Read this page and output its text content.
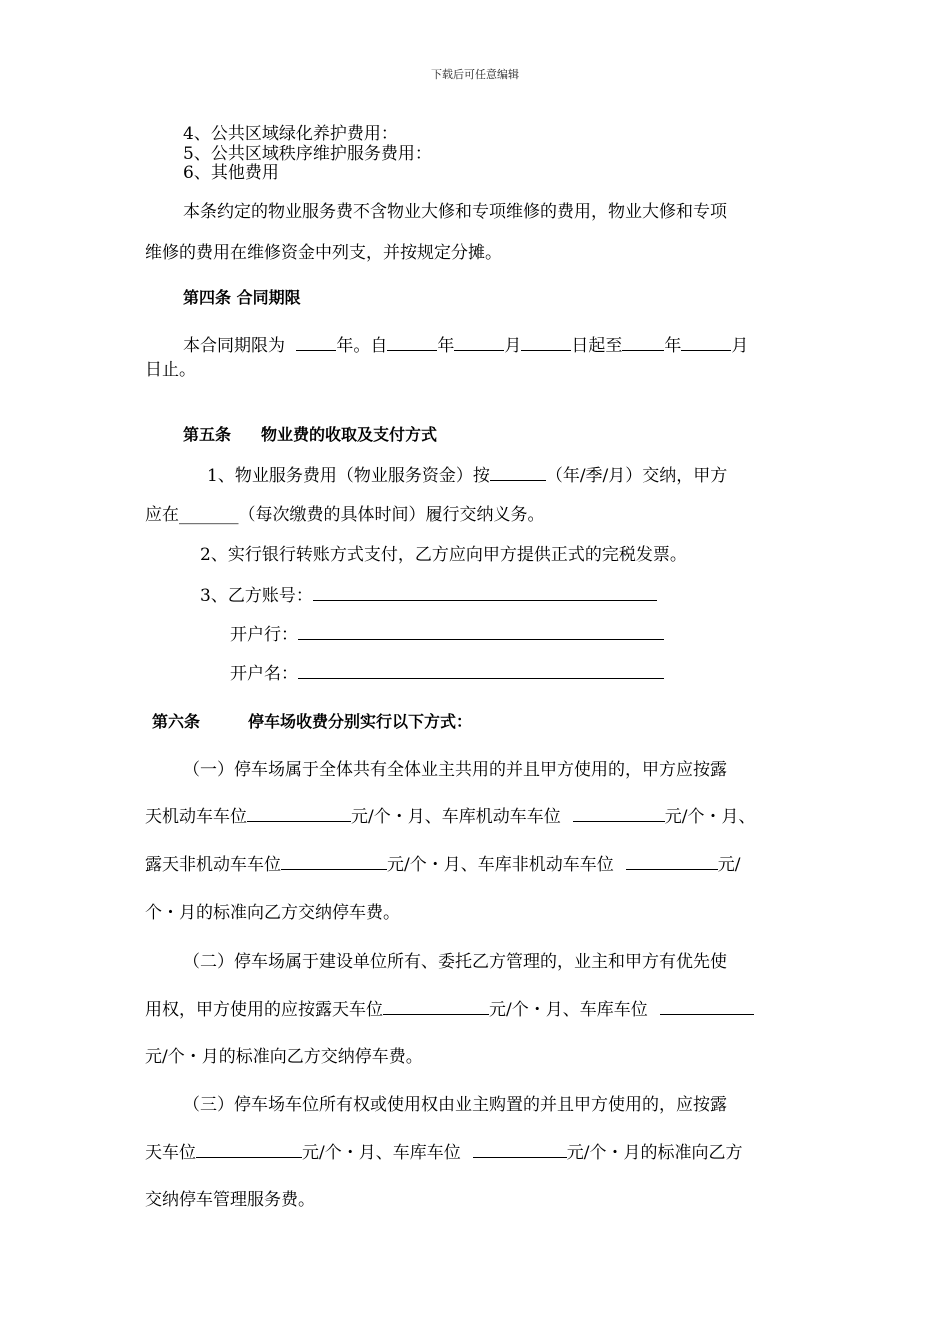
下载后可任意编辑
4、公共区域绿化养护费用：
5、公共区域秩序维护服务费用：
6、其他费用
本条约定的物业服务费不含物业大修和专项维修的费用，物业大修和专项
维修的费用在维修资金中列支，并按规定分摊。
第四条 合同期限
本合同期限为	年。自	年	月	日起至 年	月
日止。
第五条 物业费的收取及支付方式
1、物业服务费用（物业服务资金）按	（年/季/月）交纳，甲方
应在_______（每次缴费的具体时间）履行交纳义务。
2、实行银行转账方式支付，乙方应向甲方提供正式的完税发票。
3、乙方账号：
开户行：
开户名：
第六条	停车场收费分别实行以下方式：
（一）停车场属于全体共有全体业主共用的并且甲方使用的，甲方应按露
天机动车车位	元/个・月、车库机动车车位	元/个・月、
露天非机动车车位	元/个・月、车库非机动车车位	元/
个・月的标准向乙方交纳停车费。
（二）停车场属于建设单位所有、委托乙方管理的，业主和甲方有优先使
用权，甲方使用的应按露天车位	元/个・月、车库车位
元/个・月的标准向乙方交纳停车费。
（三）停车场车位所有权或使用权由业主购置的并且甲方使用的，应按露
天车位	元/个・月、车库车位	元/个・月的标准向乙方
交纳停车管理服务费。
